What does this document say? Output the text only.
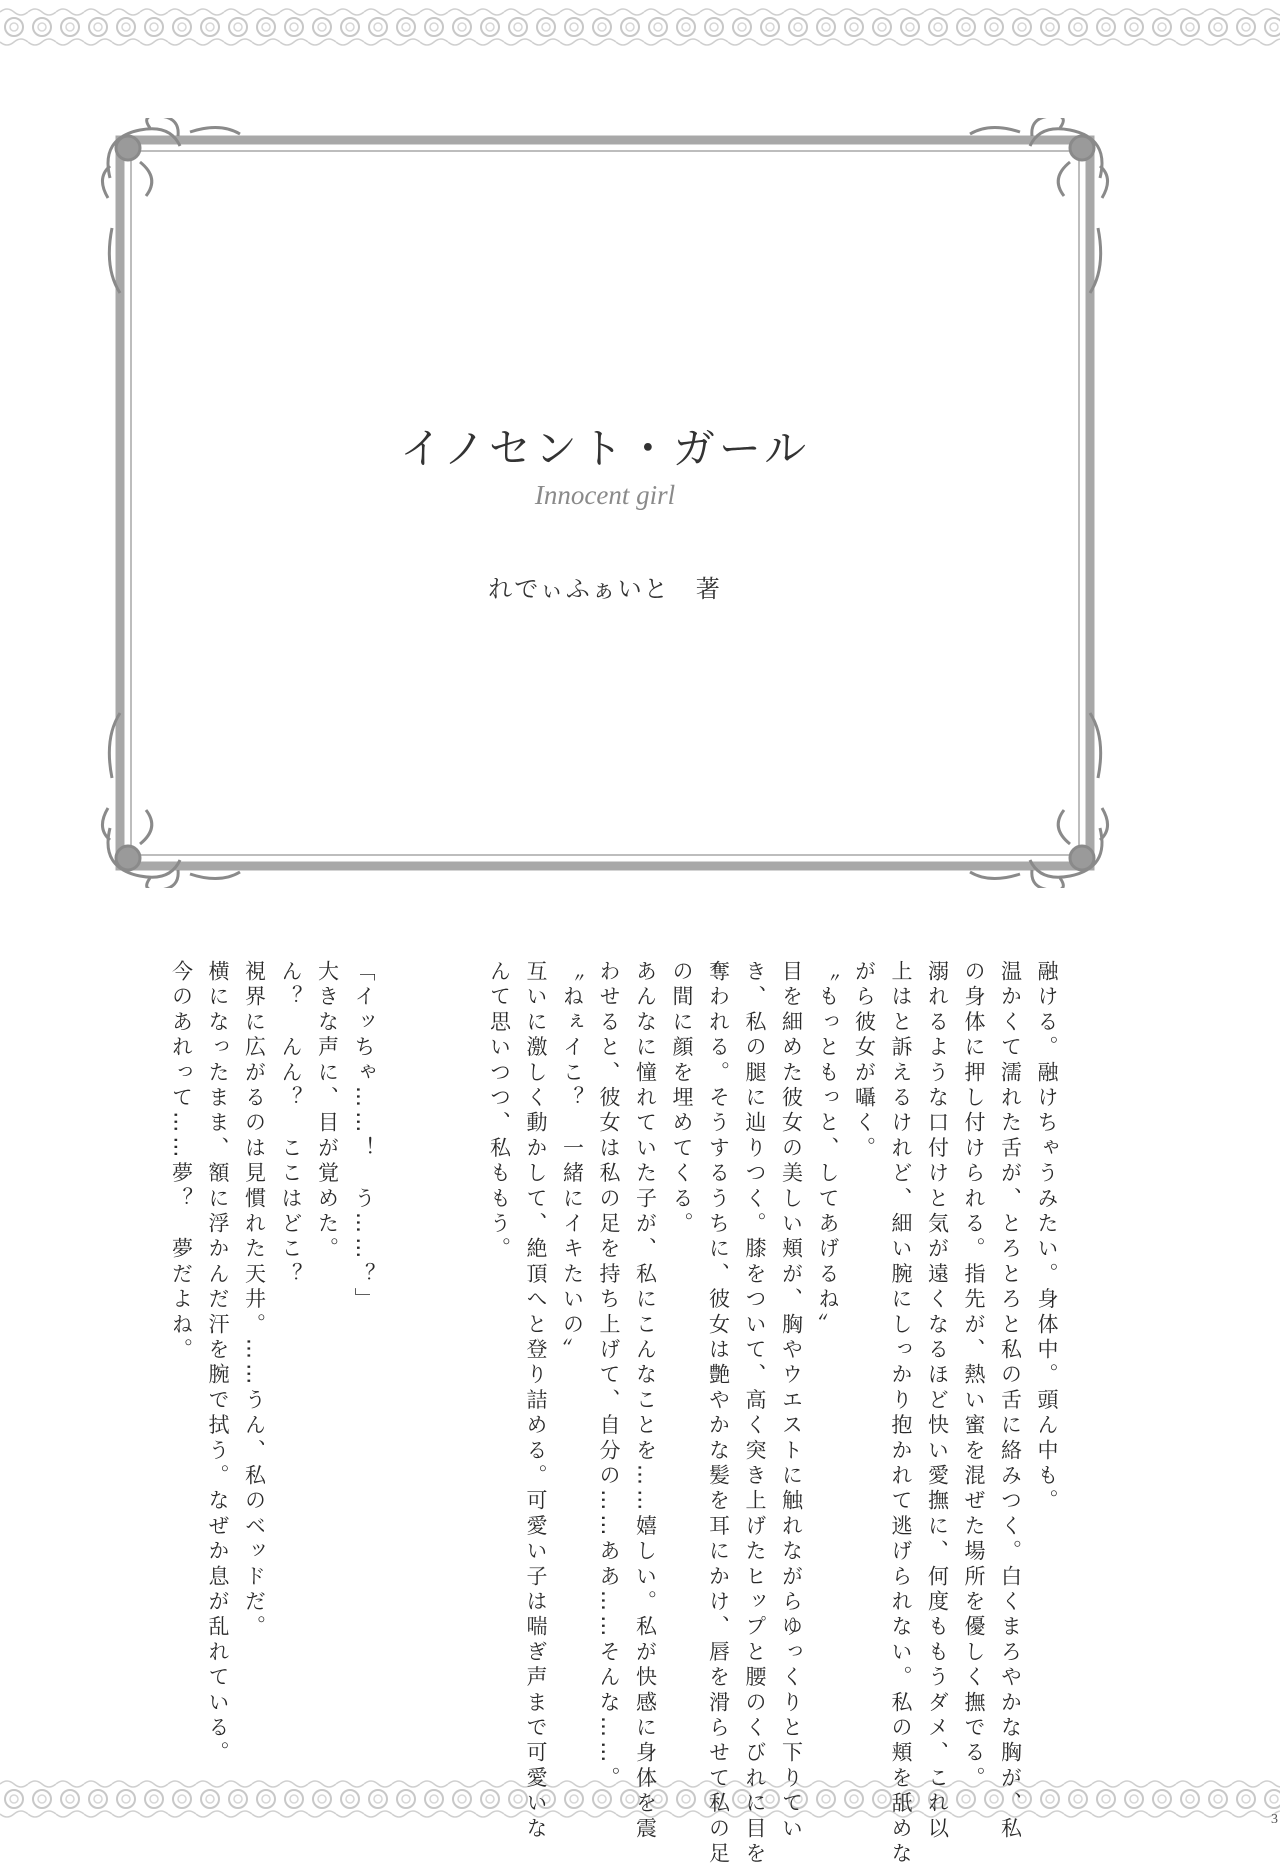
イノセント・ガール
Innocent girl
れでぃふぁいと　著
融ける。融けちゃうみたい。身体中。頭ん中も。
温かくて濡れた舌が、とろとろと私の舌に絡みつく。白くまろやかな胸が、私
の身体に押し付けられる。指先が、熱い蜜を混ぜた場所を優しく撫でる。
溺れるような口付けと気が遠くなるほど快い愛撫に、何度ももうダメ、これ以
上はと訴えるけれど、細い腕にしっかり抱かれて逃げられない。私の頬を舐めな
がら彼女が囁く。
〝もっともっと、してあげるね〟
目を細めた彼女の美しい頬が、胸やウエストに触れながらゆっくりと下りてい
き、私の腿に辿りつく。膝をついて、高く突き上げたヒップと腰のくびれに目を
奪われる。そうするうちに、彼女は艶やかな髪を耳にかけ、唇を滑らせて私の足
の間に顔を埋めてくる。
あんなに憧れていた子が、私にこんなことを……嬉しい。私が快感に身体を震
わせると、彼女は私の足を持ち上げて、自分の……ああ……そんな……。
〝ねぇイこ？　一緒にイキたいの〟
互いに激しく動かして、絶頂へと登り詰める。可愛い子は喘ぎ声まで可愛いな
んて思いつつ、私ももう。
「イッちゃ……！　う……？」
大きな声に、目が覚めた。
ん？　んん？　ここはどこ？
視界に広がるのは見慣れた天井。……うん、私のベッドだ。
横になったまま、額に浮かんだ汗を腕で拭う。なぜか息が乱れている。
今のあれって……夢？　夢だよね。
3
